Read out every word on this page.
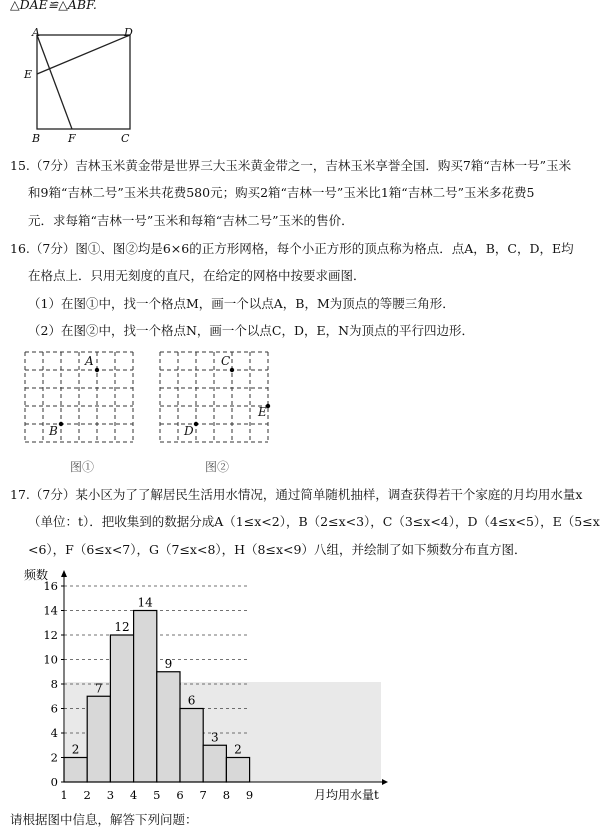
△DAE≌△ABF.
A	D
E
B	F	C
15.（7分）吉林玉米黄金带是世界三大玉米黄金带之一，吉林玉米享誉全国．购买7箱“吉林一号”玉米
和9箱“吉林二号”玉米共花费580元；购买2箱“吉林一号”玉米比1箱“吉林二号”玉米多花费5
元．求每箱“吉林一号”玉米和每箱“吉林二号”玉米的售价．
16.（7分）图①、图②均是6×6的正方形网格，每个小正方形的顶点称为格点．点A，B，C，D，E均
在格点上．只用无刻度的直尺，在给定的网格中按要求画图．
（1）在图①中，找一个格点M，画一个以点A，B，M为顶点的等腰三角形．
（2）在图②中，找一个格点N，画一个以点C，D，E，N为顶点的平行四边形．
A
B
图①
C
D
E
图②
17.（7分）某小区为了了解居民生活用水情况，通过简单随机抽样，调查获得若干个家庭的月均用水量x
（单位：t）．把收集到的数据分成A（1≤x<2），B（2≤x<3），C（3≤x<4），D（4≤x<5），E（5≤x
<6），F（6≤x<7），G（7≤x<8），H（8≤x<9）八组，并绘制了如下频数分布直方图．
2
7
12
14
9
6
3
2
0
2
4
6
8
10
12
14
16
1 2 3 4 5 6 7 8 9
频数
月均用水量t
请根据图中信息，解答下列问题：
